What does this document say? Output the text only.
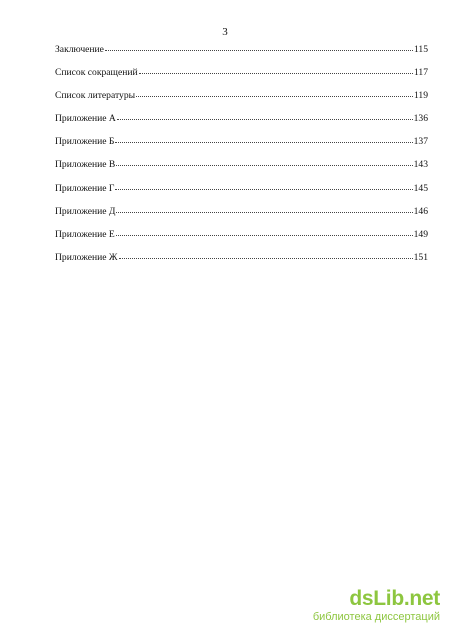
3
Заключение	115
Список сокращений	117
Список литературы	119
Приложение А	136
Приложение Б	137
Приложение В	143
Приложение Г	145
Приложение Д	146
Приложение Е	149
Приложение Ж	151
dsLib.net
библиотека диссертаций
